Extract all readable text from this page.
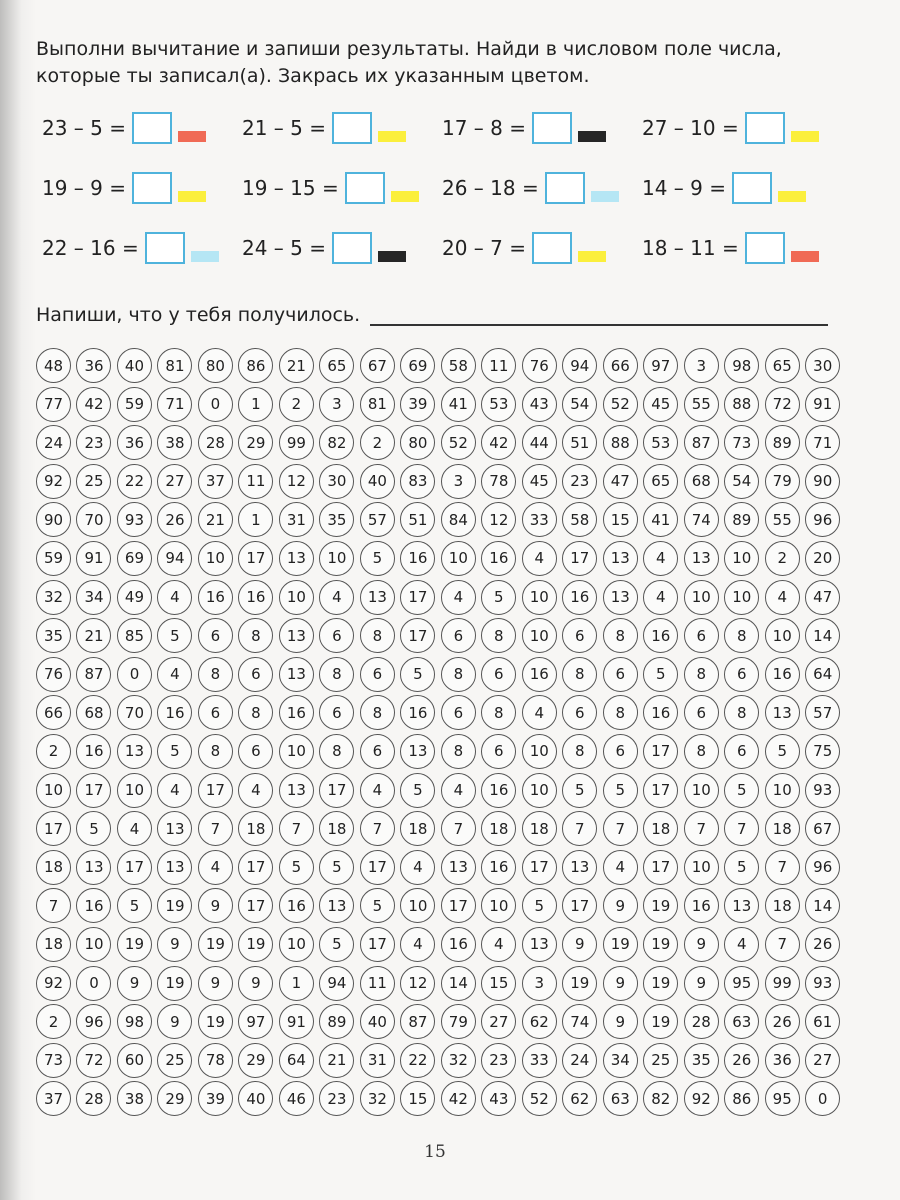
Выполни вычитание и запиши результаты. Найди в числовом поле числа,
которые ты записал(а). Закрась их указанным цветом.
23 – 5 =	21 – 5 =	17 – 8 =	27 – 10 =
19 – 9 =	19 – 15 =	26 – 18 =	14 – 9 =
22 – 16 =	24 – 5 =	20 – 7 =	18 – 11 =
Напиши, что у тебя получилось.
48	36	40	81	80	86	21	65	67	69	58	11	76	94	66	97	3	98	65	30
77	42	59	71	0	1	2	3	81	39	41	53	43	54	52	45	55	88	72	91
24	23	36	38	28	29	99	82	2	80	52	42	44	51	88	53	87	73	89	71
92	25	22	27	37	11	12	30	40	83	3	78	45	23	47	65	68	54	79	90
90	70	93	26	21	1	31	35	57	51	84	12	33	58	15	41	74	89	55	96
59	91	69	94	10	17	13	10	5	16	10	16	4	17	13	4	13	10	2	20
32	34	49	4	16	16	10	4	13	17	4	5	10	16	13	4	10	10	4	47
35	21	85	5	6	8	13	6	8	17	6	8	10	6	8	16	6	8	10	14
76	87	0	4	8	6	13	8	6	5	8	6	16	8	6	5	8	6	16	64
66	68	70	16	6	8	16	6	8	16	6	8	4	6	8	16	6	8	13	57
2	16	13	5	8	6	10	8	6	13	8	6	10	8	6	17	8	6	5	75
10	17	10	4	17	4	13	17	4	5	4	16	10	5	5	17	10	5	10	93
17	5	4	13	7	18	7	18	7	18	7	18	18	7	7	18	7	7	18	67
18	13	17	13	4	17	5	5	17	4	13	16	17	13	4	17	10	5	7	96
7	16	5	19	9	17	16	13	5	10	17	10	5	17	9	19	16	13	18	14
18	10	19	9	19	19	10	5	17	4	16	4	13	9	19	19	9	4	7	26
92	0	9	19	9	9	1	94	11	12	14	15	3	19	9	19	9	95	99	93
2	96	98	9	19	97	91	89	40	87	79	27	62	74	9	19	28	63	26	61
73	72	60	25	78	29	64	21	31	22	32	23	33	24	34	25	35	26	36	27
37	28	38	29	39	40	46	23	32	15	42	43	52	62	63	82	92	86	95	0
15
